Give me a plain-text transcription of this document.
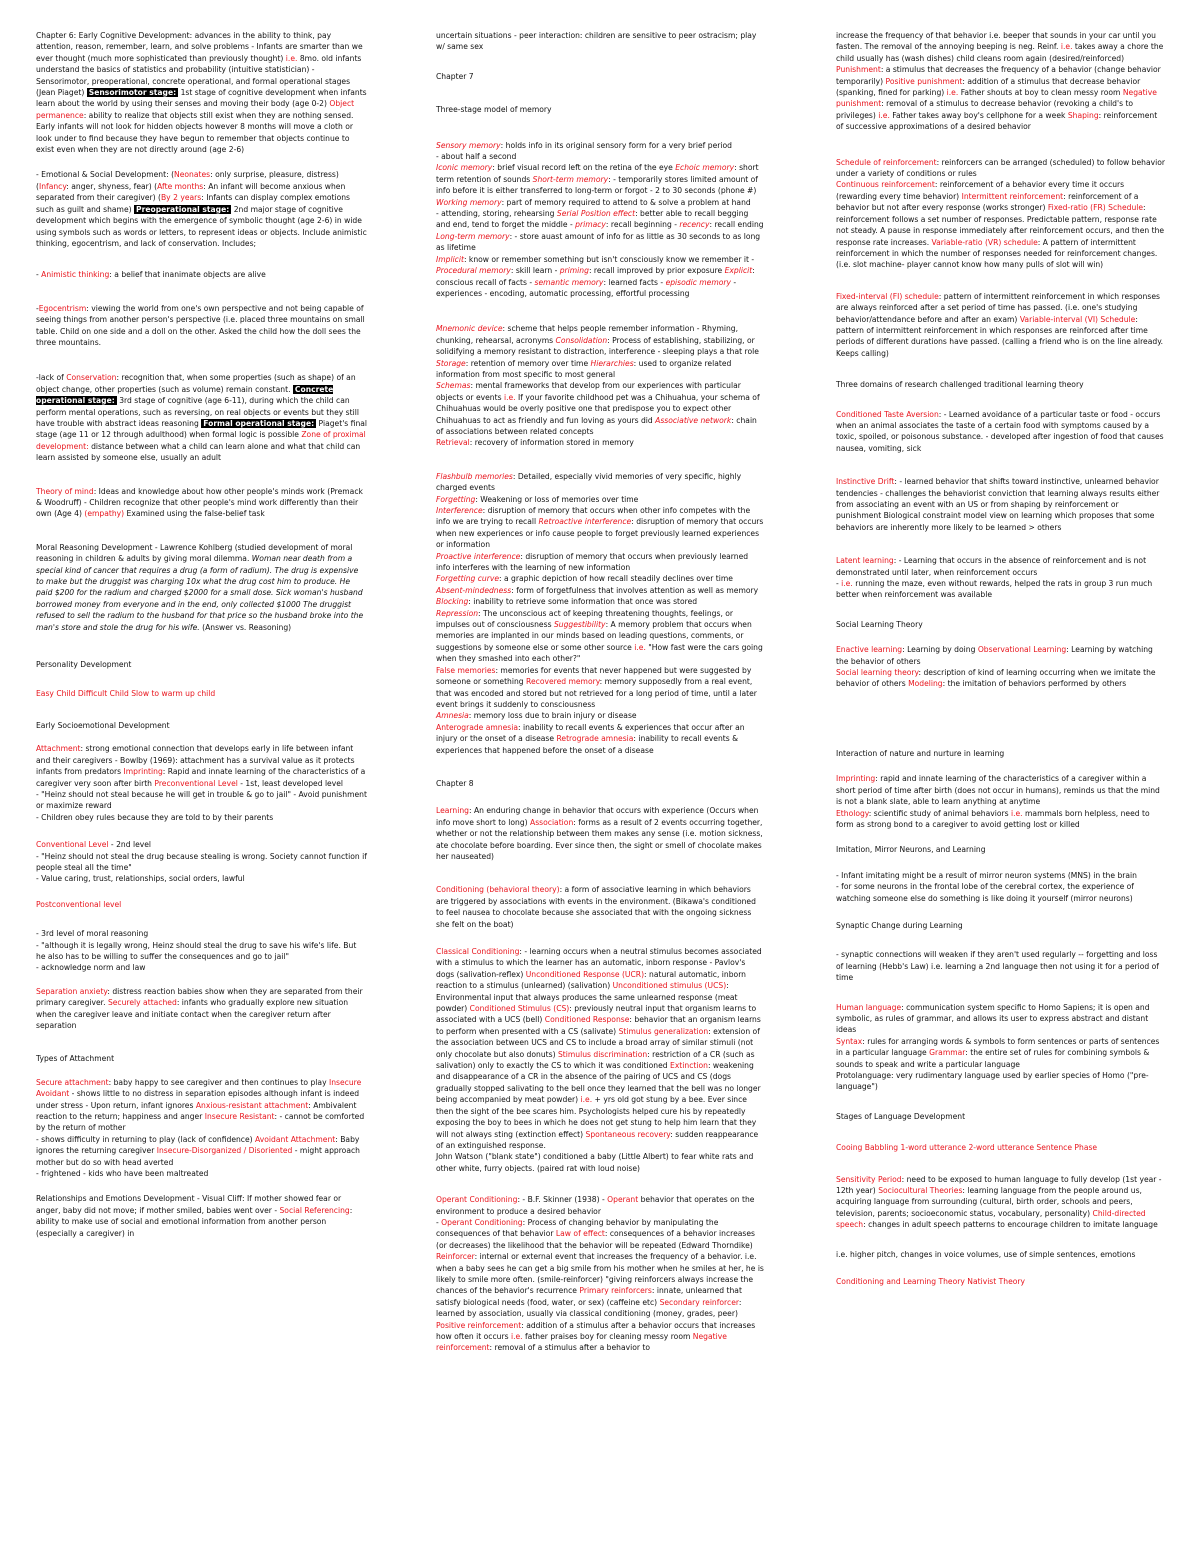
Chapter 6: Early Cognitive Development: advances in the ability to think, pay attention, reason, remember, learn, and solve problems - Infants are smarter than we ever thought (much more sophisticated than previously thought) i.e. 8mo. old infants understand the basics of statistics and probability (intuitive statistician) - Sensorimotor, preoperational, concrete operational, and formal operational stages (Jean Piaget) Sensorimotor stage: 1st stage of cognitive development when infants learn about the world by using their senses and moving their body (age 0-2) Object permanence: ability to realize that objects still exist when they are nothing sensed. Early infants will not look for hidden objects however 8 months will move a cloth or look under to find because they have begun to remember that objects continue to exist even when they are not directly around (age 2-6)

- Emotional & Social Development: (Neonates: only surprise, pleasure, distress) (Infancy: anger, shyness, fear) (Afte months: An infant will become anxious when separated from their caregiver) (By 2 years: Infants can display complex emotions such as guilt and shame) Preoperational stage: 2nd major stage of cognitive development which begins with the emergence of symbolic thought (age 2-6) in wide using symbols such as words or letters, to represent ideas or objects. Include animistic thinking, egocentrism, and lack of conservation. Includes;

- Animistic thinking: a belief that inanimate objects are alive

-Egocentrism: viewing the world from one's own perspective and not being capable of seeing things from another person's perspective (i.e. placed three mountains on small table. Child on one side and a doll on the other. Asked the child how the doll sees the three mountains.

-lack of Conservation: recognition that, when some properties (such as shape) of an object change, other properties (such as volume) remain constant. Concrete operational stage: 3rd stage of cognitive (age 6-11), during which the child can perform mental operations, such as reversing, on real objects or events but they still have trouble with abstract ideas reasoning Formal operational stage: Piaget's final stage (age 11 or 12 through adulthood) when formal logic is possible Zone of proximal development: distance between what a child can learn alone and what that child can learn assisted by someone else, usually an adult

Theory of mind: Ideas and knowledge about how other people's minds work (Premack & Woodruff) - Children recognize that other people's mind work differently than their own (Age 4) (empathy) Examined using the false-belief task

Moral Reasoning Development - Lawrence Kohlberg (studied development of moral reasoning in children & adults by giving moral dilemma. Woman near death from a special kind of cancer that requires a drug (a form of radium). The drug is expensive to make but the druggist was charging 10x what the drug cost him to produce. He paid $200 for the radium and charged $2000 for a small dose. Sick woman's husband borrowed money from everyone and in the end, only collected $1000 The druggist refused to sell the radium to the husband for that price so the husband broke into the man's store and stole the drug for his wife. (Answer vs. Reasoning)

Personality Development

Easy Child Difficult Child Slow to warm up child

Early Socioemotional Development

Attachment: strong emotional connection that develops early in life between infant and their caregivers - Bowlby (1969): attachment has a survival value as it protects infants from predators Imprinting: Rapid and innate learning of the characteristics of a caregiver very soon after birth Preconventional Level - 1st, least developed level
- "Heinz should not steal because he will get in trouble & go to jail" - Avoid punishment or maximize reward
- Children obey rules because they are told to by their parents

Conventional Level - 2nd level
- "Heinz should not steal the drug because stealing is wrong. Society cannot function if people steal all the time"
- Value caring, trust, relationships, social orders, lawful

Postconventional level

- 3rd level of moral reasoning
- "although it is legally wrong, Heinz should steal the drug to save his wife's life. But he also has to be willing to suffer the consequences and go to jail"
- acknowledge norm and law

Separation anxiety: distress reaction babies show when they are separated from their primary caregiver. Securely attached: infants who gradually explore new situation when the caregiver leave and initiate contact when the caregiver return after separation

Types of Attachment

Secure attachment: baby happy to see caregiver and then continues to play Insecure Avoidant - shows little to no distress in separation episodes although infant is indeed under stress - Upon return, infant ignores Anxious-resistant attachment: Ambivalent reaction to the return; happiness and anger Insecure Resistant: - cannot be comforted by the return of mother
- shows difficulty in returning to play (lack of confidence) Avoidant Attachment: Baby ignores the returning caregiver Insecure-Disorganized / Disoriented - might approach mother but do so with head averted
- frightened - kids who have been maltreated

Relationships and Emotions Development - Visual Cliff: If mother showed fear or anger, baby did not move; if mother smiled, babies went over - Social Referencing: ability to make use of social and emotional information from another person (especially a caregiver) in

uncertain situations - peer interaction: children are sensitive to peer ostracism; play w/ same sex

Chapter 7

Three-stage model of memory

Sensory memory: holds info in its original sensory form for a very brief period
- about half a second
Iconic memory: brief visual record left on the retina of the eye Echoic memory: short term retention of sounds Short-term memory: - temporarily stores limited amount of info before it is either transferred to long-term or forgot - 2 to 30 seconds (phone #) Working memory: part of memory required to attend to & solve a problem at hand
- attending, storing, rehearsing Serial Position effect: better able to recall begging and end, tend to forget the middle - primacy: recall beginning - recency: recall ending Long-term memory: - store auast amount of info for as little as 30 seconds to as long as lifetime
Implicit: know or remember something but isn't consciously know we remember it - Procedural memory: skill learn - priming: recall improved by prior exposure Explicit: conscious recall of facts - semantic memory: learned facts - episodic memory - experiences - encoding, automatic processing, effortful processing

Mnemonic device: scheme that helps people remember information - Rhyming, chunking, rehearsal, acronyms Consolidation: Process of establishing, stabilizing, or solidifying a memory resistant to distraction, interference - sleeping plays a that role Storage: retention of memory over time Hierarchies: used to organize related information from most specific to most general
Schemas: mental frameworks that develop from our experiences with particular objects or events i.e. If your favorite childhood pet was a Chihuahua, your schema of Chihuahuas would be overly positive one that predispose you to expect other Chihuahuas to act as friendly and fun loving as yours did Associative network: chain of associations between related concepts
Retrieval: recovery of information stored in memory

Flashbulb memories: Detailed, especially vivid memories of very specific, highly charged events
Forgetting: Weakening or loss of memories over time
Interference: disruption of memory that occurs when other info competes with the info we are trying to recall Retroactive interference: disruption of memory that occurs when new experiences or info cause people to forget previously learned experiences or information
Proactive interference: disruption of memory that occurs when previously learned info interferes with the learning of new information
Forgetting curve: a graphic depiction of how recall steadily declines over time
Absent-mindedness: form of forgetfulness that involves attention as well as memory
Blocking: inability to retrieve some information that once was stored
Repression: The unconscious act of keeping threatening thoughts, feelings, or impulses out of consciousness Suggestibility: A memory problem that occurs when memories are implanted in our minds based on leading questions, comments, or suggestions by someone else or some other source i.e. "How fast were the cars going when they smashed into each other?"
False memories: memories for events that never happened but were suggested by someone or something Recovered memory: memory supposedly from a real event, that was encoded and stored but not retrieved for a long period of time, until a later event brings it suddenly to consciousness
Amnesia: memory loss due to brain injury or disease
Anterograde amnesia: inability to recall events & experiences that occur after an injury or the onset of a disease Retrograde amnesia: inability to recall events & experiences that happened before the onset of a disease

Chapter 8

Learning: An enduring change in behavior that occurs with experience (Occurs when info move short to long) Association: forms as a result of 2 events occurring together, whether or not the relationship between them makes any sense (i.e. motion sickness, ate chocolate before boarding. Ever since then, the sight or smell of chocolate makes her nauseated)

Conditioning (behavioral theory): a form of associative learning in which behaviors are triggered by associations with events in the environment. (Bikawa's conditioned to feel nausea to chocolate because she associated that with the ongoing sickness she felt on the boat)

Classical Conditioning: - learning occurs when a neutral stimulus becomes associated with a stimulus to which the learner has an automatic, inborn response - Pavlov's dogs (salivation-reflex) Unconditioned Response (UCR): natural automatic, inborn reaction to a stimulus (unlearned) (salivation) Unconditioned stimulus (UCS): Environmental input that always produces the same unlearned response (meat powder) Conditioned Stimulus (CS): previously neutral input that organism learns to associated with a UCS (bell) Conditioned Response: behavior that an organism learns to perform when presented with a CS (salivate) Stimulus generalization: extension of the association between UCS and CS to include a broad array of similar stimuli (not only chocolate but also donuts) Stimulus discrimination: restriction of a CR (such as salivation) only to exactly the CS to which it was conditioned Extinction: weakening and disappearance of a CR in the absence of the pairing of UCS and CS (dogs gradually stopped salivating to the bell once they learned that the bell was no longer being accompanied by meat powder) i.e. + yrs old got stung by a bee. Ever since then the sight of the bee scares him. Psychologists helped cure his by repeatedly exposing the boy to bees in which he does not get stung to help him learn that they will not always sting (extinction effect) Spontaneous recovery: sudden reappearance of an extinguished response.
John Watson ("blank state") conditioned a baby (Little Albert) to fear white rats and other white, furry objects. (paired rat with loud noise)

Operant Conditioning: - B.F. Skinner (1938) - Operant behavior that operates on the environment to produce a desired behavior
- Operant Conditioning: Process of changing behavior by manipulating the consequences of that behavior Law of effect: consequences of a behavior increases (or decreases) the likelihood that the behavior will be repeated (Edward Thorndike) Reinforcer: internal or external event that increases the frequency of a behavior. i.e. when a baby sees he can get a big smile from his mother when he smiles at her, he is likely to smile more often. (smile-reinforcer) "giving reinforcers always increase the chances of the behavior's recurrence Primary reinforcers: innate, unlearned that satisfy biological needs (food, water, or sex) (caffeine etc) Secondary reinforcer: learned by association, usually via classical conditioning (money, grades, peer) Positive reinforcement: addition of a stimulus after a behavior occurs that increases how often it occurs i.e. father praises boy for cleaning messy room Negative reinforcement: removal of a stimulus after a behavior to

increase the frequency of that behavior i.e. beeper that sounds in your car until you fasten. The removal of the annoying beeping is neg. Reinf. i.e. takes away a chore the child usually has (wash dishes) child cleans room again (desired/reinforced) Punishment: a stimulus that decreases the frequency of a behavior (change behavior temporarily) Positive punishment: addition of a stimulus that decrease behavior (spanking, fined for parking) i.e. Father shouts at boy to clean messy room Negative punishment: removal of a stimulus to decrease behavior (revoking a child's to privileges) i.e. Father takes away boy's cellphone for a week Shaping: reinforcement of successive approximations of a desired behavior

Schedule of reinforcement: reinforcers can be arranged (scheduled) to follow behavior under a variety of conditions or rules
Continuous reinforcement: reinforcement of a behavior every time it occurs (rewarding every time behavior) Intermittent reinforcement: reinforcement of a behavior but not after every response (works stronger) Fixed-ratio (FR) Schedule: reinforcement follows a set number of responses. Predictable pattern, response rate not steady. A pause in response immediately after reinforcement occurs, and then the response rate increases. Variable-ratio (VR) schedule: A pattern of intermittent reinforcement in which the number of responses needed for reinforcement changes. (i.e. slot machine- player cannot know how many pulls of slot will win)

Fixed-interval (FI) schedule: pattern of intermittent reinforcement in which responses are always reinforced after a set period of time has passed. (i.e. one's studying behavior/attendance before and after an exam) Variable-interval (VI) Schedule: pattern of intermittent reinforcement in which responses are reinforced after time periods of different durations have passed. (calling a friend who is on the line already. Keeps calling)

Three domains of research challenged traditional learning theory

Conditioned Taste Aversion: - Learned avoidance of a particular taste or food - occurs when an animal associates the taste of a certain food with symptoms caused by a toxic, spoiled, or poisonous substance. - developed after ingestion of food that causes nausea, vomiting, sick

Instinctive Drift: - learned behavior that shifts toward instinctive, unlearned behavior tendencies - challenges the behaviorist conviction that learning always results either from associating an event with an US or from shaping by reinforcement or punishment Biological constraint model view on learning which proposes that some behaviors are inherently more likely to be learned > others

Latent learning: - Learning that occurs in the absence of reinforcement and is not demonstrated until later, when reinforcement occurs
- i.e. running the maze, even without rewards, helped the rats in group 3 run much better when reinforcement was available

Social Learning Theory

Enactive learning: Learning by doing Observational Learning: Learning by watching the behavior of others
Social learning theory: description of kind of learning occurring when we imitate the behavior of others Modeling: the imitation of behaviors performed by others

Interaction of nature and nurture in learning

Imprinting: rapid and innate learning of the characteristics of a caregiver within a short period of time after birth (does not occur in humans), reminds us that the mind is not a blank slate, able to learn anything at anytime
Ethology: scientific study of animal behaviors i.e. mammals born helpless, need to form as strong bond to a caregiver to avoid getting lost or killed

Imitation, Mirror Neurons, and Learning

- Infant imitating might be a result of mirror neuron systems (MNS) in the brain
- for some neurons in the frontal lobe of the cerebral cortex, the experience of watching someone else do something is like doing it yourself (mirror neurons)

Synaptic Change during Learning

- synaptic connections will weaken if they aren't used regularly -- forgetting and loss of learning (Hebb's Law) i.e. learning a 2nd language then not using it for a period of time

Human language: communication system specific to Homo Sapiens; it is open and symbolic, as rules of grammar, and allows its user to express abstract and distant ideas
Syntax: rules for arranging words & symbols to form sentences or parts of sentences in a particular language Grammar: the entire set of rules for combining symbols & sounds to speak and write a particular language
Protolanguage: very rudimentary language used by earlier species of Homo ("pre-language")

Stages of Language Development

Cooing Babbling 1-word utterance 2-word utterance Sentence Phase

Sensitivity Period: need to be exposed to human language to fully develop (1st year - 12th year) Sociocultural Theories: learning language from the people around us, acquiring language from surrounding (cultural, birth order, schools and peers, television, parents; socioeconomic status, vocabulary, personality) Child-directed speech: changes in adult speech patterns to encourage children to imitate language

i.e. higher pitch, changes in voice volumes, use of simple sentences, emotions

Conditioning and Learning Theory Nativist Theory
